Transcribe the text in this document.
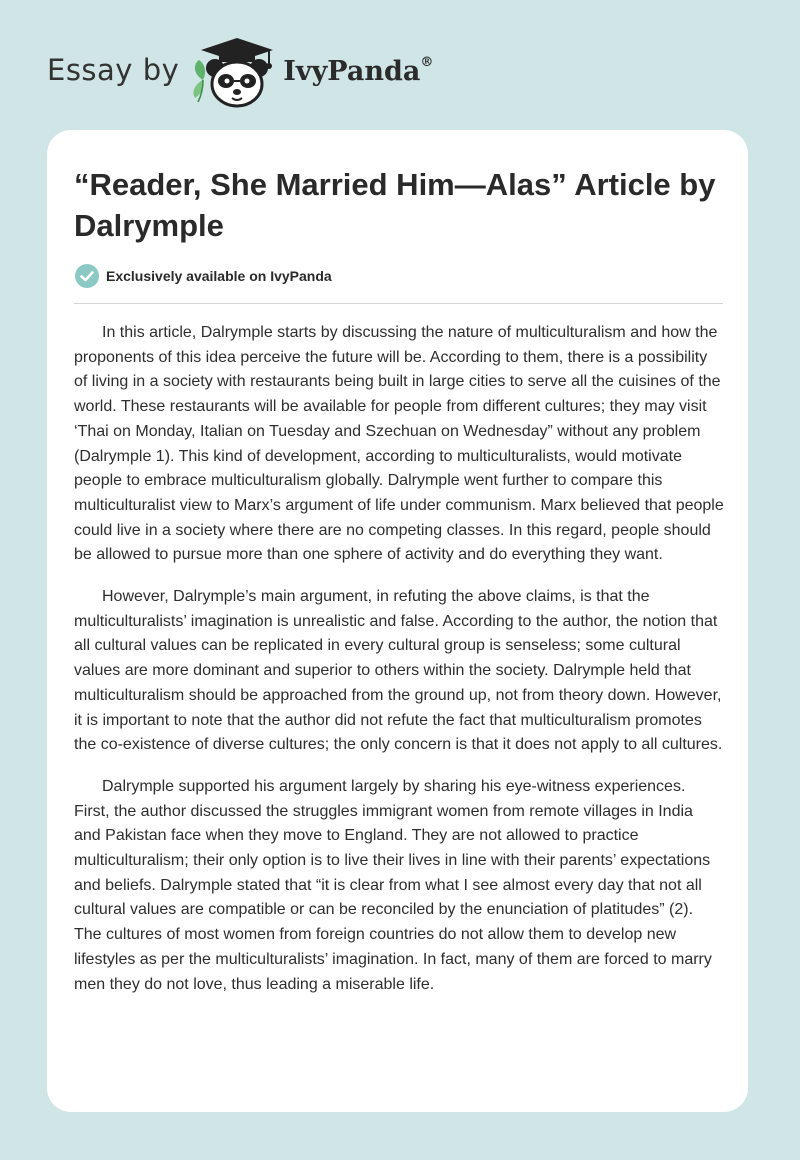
Essay by	IvyPanda®
“Reader, She Married Him—Alas” Article by Dalrymple
Exclusively available on IvyPanda

In this article, Dalrymple starts by discussing the nature of multiculturalism and how the proponents of this idea perceive the future will be. According to them, there is a possibility of living in a society with restaurants being built in large cities to serve all the cuisines of the world. These restaurants will be available for people from different cultures; they may visit ‘Thai on Monday, Italian on Tuesday and Szechuan on Wednesday” without any problem (Dalrymple 1). This kind of development, according to multiculturalists, would motivate people to embrace multiculturalism globally. Dalrymple went further to compare this multiculturalist view to Marx’s argument of life under communism. Marx believed that people could live in a society where there are no competing classes. In this regard, people should be allowed to pursue more than one sphere of activity and do everything they want.

However, Dalrymple’s main argument, in refuting the above claims, is that the multiculturalists’ imagination is unrealistic and false. According to the author, the notion that all cultural values can be replicated in every cultural group is senseless; some cultural values are more dominant and superior to others within the society. Dalrymple held that multiculturalism should be approached from the ground up, not from theory down. However, it is important to note that the author did not refute the fact that multiculturalism promotes the co-existence of diverse cultures; the only concern is that it does not apply to all cultures.

Dalrymple supported his argument largely by sharing his eye-witness experiences. First, the author discussed the struggles immigrant women from remote villages in India and Pakistan face when they move to England. They are not allowed to practice multiculturalism; their only option is to live their lives in line with their parents’ expectations and beliefs. Dalrymple stated that “it is clear from what I see almost every day that not all cultural values are compatible or can be reconciled by the enunciation of platitudes” (2). The cultures of most women from foreign countries do not allow them to develop new lifestyles as per the multiculturalists’ imagination. In fact, many of them are forced to marry men they do not love, thus leading a miserable life.
